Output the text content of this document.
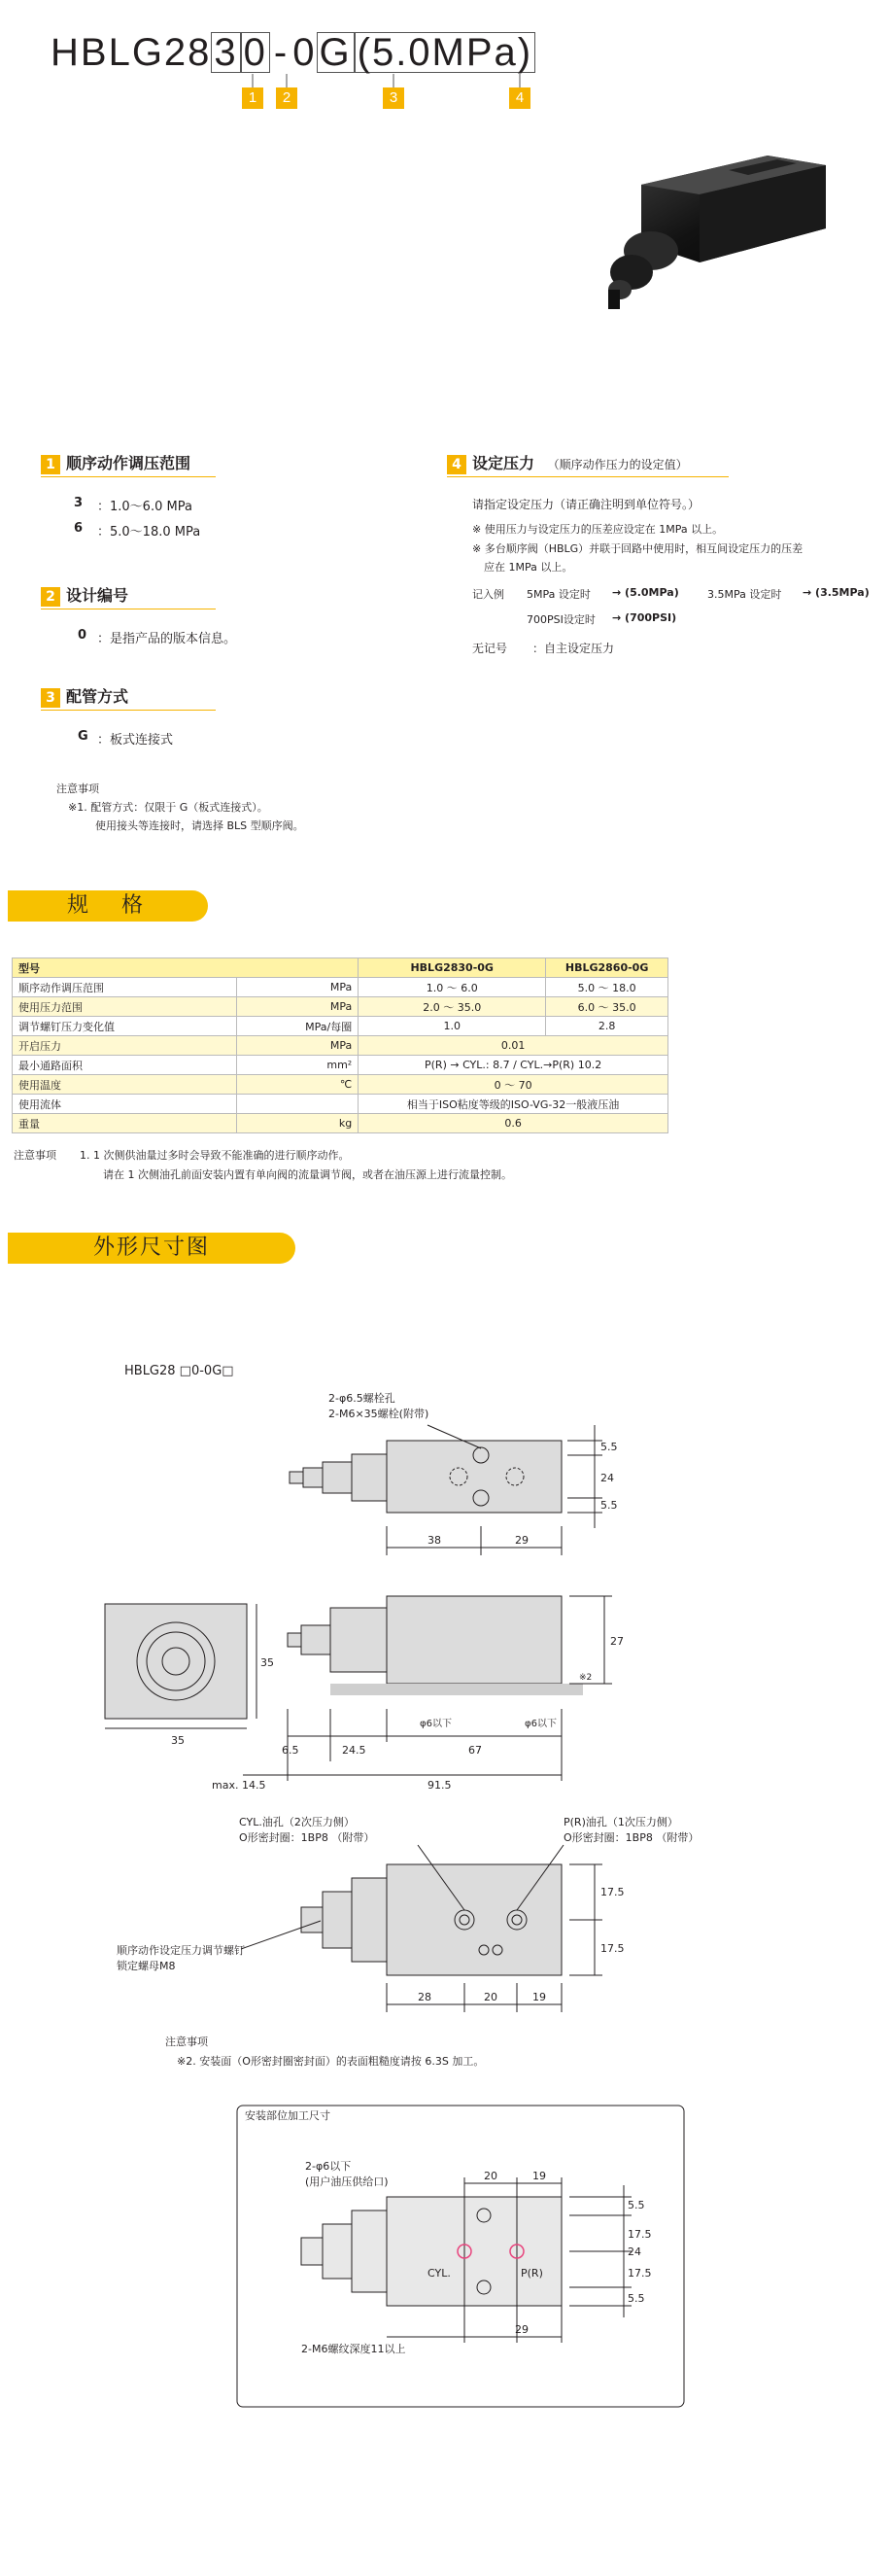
HBLG283 0 - 0G (5.0MPa)
1	2	3	4
1 顺序动作调压范围
3 ：1.0～6.0 MPa
6 ：5.0～18.0 MPa
2 设计编号
0 ：是指产品的版本信息。
3 配管方式
G ：板式连接式
注意事项
※1. 配管方式：仅限于 G（板式连接式）。
使用接头等连接时，请选择 BLS 型顺序阀。
4 设定压力 （顺序动作压力的设定值）
请指定设定压力（请正确注明到单位符号。）
※ 使用压力与设定压力的压差应设定在 1MPa 以上。
※ 多台顺序阀（HBLG）并联于回路中使用时，相互间设定压力的压差
应在 1MPa 以上。
记入例 5MPa 设定时 → (5.0MPa)	3.5MPa 设定时 → (3.5MPa)
700PSI设定时 → (700PSI)
无记号 ：自主设定压力
规　格
型号		HBLG2830-0G	HBLG2860-0G
顺序动作调压范围	MPa	1.0 ～ 6.0	5.0 ～ 18.0
使用压力范围	MPa	2.0 ～ 35.0	6.0 ～ 35.0
调节螺钉压力变化值	MPa/每圈	1.0	2.8
开启压力	MPa	0.01	
最小通路面积	mm²	P(R) → CYL.: 8.7 / CYL.→P(R) 10.2	
使用温度	℃	0 ～ 70	
使用流体		相当于ISO粘度等级的ISO-VG-32一般液压油	
重量	kg	0.6	
注意事项 1. 1 次侧供油量过多时会导致不能准确的进行顺序动作。
请在 1 次侧油孔前面安装内置有单向阀的流量调节阀，或者在油压源上进行流量控制。
外形尺寸图
HBLG28 □0-0G□
2-φ6.5螺栓孔
2-M6×35螺栓(附带)
38	29
5.5
24
5.5
35
35
27
※2
φ6以下	φ6以下
6.5	24.5	67
max. 14.5	91.5
CYL.油孔（2次压力侧）
O形密封圈：1BP8 （附带）
P(R)油孔（1次压力侧）
O形密封圈：1BP8 （附带）
顺序动作设定压力调节螺钉
锁定螺母M8
28	20	19
17.5
17.5
注意事项
※2. 安装面（O形密封圈密封面）的表面粗糙度请按 6.3S 加工。
安装部位加工尺寸
2-φ6以下
(用户油压供给口)
CYL.	P(R)
2-M6螺纹深度11以上
20	19
5.5
17.5
24
17.5
5.5
29
